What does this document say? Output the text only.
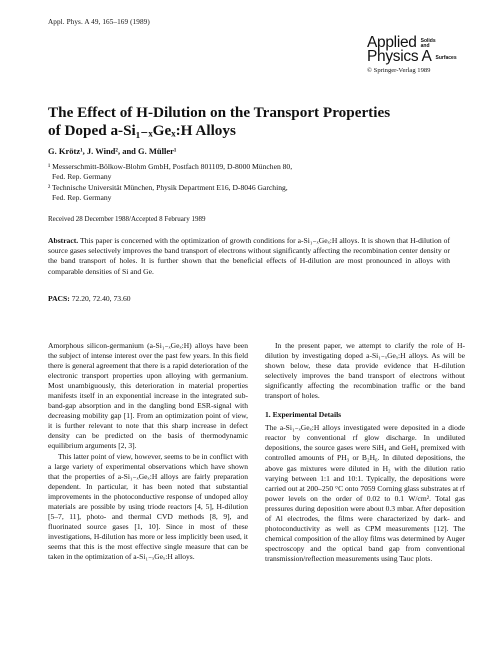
Appl. Phys. A 49, 165–169 (1989)
Applied Solids
and
Physics A Surfaces
© Springer-Verlag 1989
The Effect of H-Dilution on the Transport Properties
of Doped a-Si₁₋ₓGeₓ:H Alloys
G. Krötz¹, J. Wind², and G. Müller¹
¹ Messerschmitt-Bölkow-Blohm GmbH, Postfach 801109, D-8000 München 80,
Fed. Rep. Germany
² Technische Universität München, Physik Department E16, D-8046 Garching,
Fed. Rep. Germany
Received 28 December 1988/Accepted 8 February 1989
Abstract. This paper is concerned with the optimization of growth conditions for a-Si₁₋ₓGeₓ:H alloys. It is shown that H-dilution of source gases selectively improves the band transport of electrons without significantly affecting the recombination center density or the band transport of holes. It is further shown that the beneficial effects of H-dilution are most pronounced in alloys with comparable densities of Si and Ge.
PACS: 72.20, 72.40, 73.60

Amorphous silicon-germanium (a-Si₁₋ₓGeₓ:H) alloys have been the subject of intense interest over the past few years. In this field there is general agreement that there is a rapid deterioration of the electronic transport properties upon alloying with germanium. Most unambiguously, this deterioration in material properties manifests itself in an exponential increase in the integrated sub-band-gap absorption and in the dangling bond ESR-signal with decreasing mobility gap [1]. From an optimization point of view, it is further relevant to note that this sharp increase in defect density can be predicted on the basis of thermodynamic equilibrium arguments [2, 3].

This latter point of view, however, seems to be in conflict with a large variety of experimental observations which have shown that the properties of a-Si₁₋ₓGeₓ:H alloys are fairly preparation dependent. In particular, it has been noted that substantial improvements in the photoconductive response of undoped alloy materials are possible by using triode reactors [4, 5], H-dilution [5–7, 11], photo- and thermal CVD methods [8, 9], and fluorinated source gases [1, 10]. Since in most of these investigations, H-dilution has more or less implicitly been used, it seems that this is the most effective single measure that can be taken in the optimization of a-Si₁₋ₓGeₓ:H alloys.

In the present paper, we attempt to clarify the role of H-dilution by investigating doped a-Si₁₋ₓGeₓ:H alloys. As will be shown below, these data provide evidence that H-dilution selectively improves the band transport of electrons without significantly affecting the recombination traffic or the band transport of holes.

1. Experimental Details

The a-Si₁₋ₓGeₓ:H alloys investigated were deposited in a diode reactor by conventional rf glow discharge. In undiluted depositions, the source gases were SiH₄ and GeH₄ premixed with controlled amounts of PH₃ or B₂H₆. In diluted depositions, the above gas mixtures were diluted in H₂ with the dilution ratio varying between 1:1 and 10:1. Typically, the depositions were carried out at 200–250 °C onto 7059 Corning glass substrates at rf power levels on the order of 0.02 to 0.1 W/cm². Total gas pressures during deposition were about 0.3 mbar. After deposition of Al electrodes, the films were characterized by dark- and photoconductivity as well as CPM measurements [12]. The chemical composition of the alloy films was determined by Auger spectroscopy and the optical band gap from conventional transmission/reflection measurements using Tauc plots.
